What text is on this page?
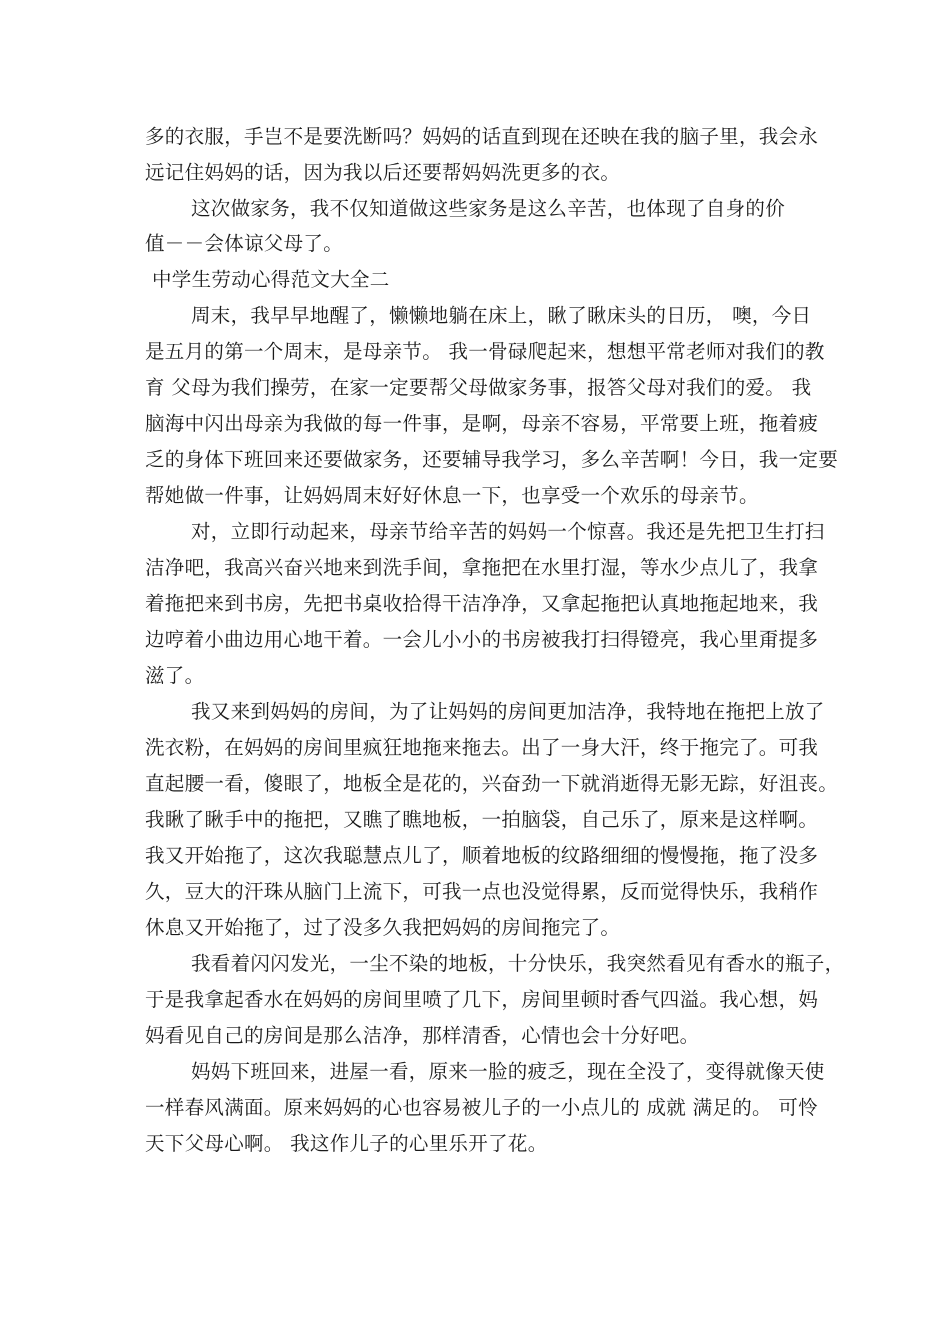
多的衣服，手岂不是要洗断吗？妈妈的话直到现在还映在我的脑子里，我会永
远记住妈妈的话，因为我以后还要帮妈妈洗更多的衣。
这次做家务，我不仅知道做这些家务是这么辛苦，也体现了自身的价
值－－会体谅父母了。
中学生劳动心得范文大全二
周末，我早早地醒了，懒懒地躺在床上，瞅了瞅床头的日历， 噢，今日
是五月的第一个周末，是母亲节。 我一骨碌爬起来，想想平常老师对我们的教
育 父母为我们操劳，在家一定要帮父母做家务事，报答父母对我们的爱。 我
脑海中闪出母亲为我做的每一件事，是啊，母亲不容易，平常要上班，拖着疲
乏的身体下班回来还要做家务，还要辅导我学习，多么辛苦啊！今日，我一定要
帮她做一件事，让妈妈周末好好休息一下，也享受一个欢乐的母亲节。
对，立即行动起来，母亲节给辛苦的妈妈一个惊喜。我还是先把卫生打扫
洁净吧，我高兴奋兴地来到洗手间，拿拖把在水里打湿，等水少点儿了，我拿
着拖把来到书房，先把书桌收拾得干洁净净，又拿起拖把认真地拖起地来，我
边哼着小曲边用心地干着。一会儿小小的书房被我打扫得镫亮，我心里甭提多
滋了。
我又来到妈妈的房间，为了让妈妈的房间更加洁净，我特地在拖把上放了
洗衣粉，在妈妈的房间里疯狂地拖来拖去。出了一身大汗，终于拖完了。可我
直起腰一看，傻眼了，地板全是花的，兴奋劲一下就消逝得无影无踪，好沮丧。
我瞅了瞅手中的拖把，又瞧了瞧地板，一拍脑袋，自己乐了，原来是这样啊。
我又开始拖了，这次我聪慧点儿了，顺着地板的纹路细细的慢慢拖，拖了没多
久，豆大的汗珠从脑门上流下，可我一点也没觉得累，反而觉得快乐，我稍作
休息又开始拖了，过了没多久我把妈妈的房间拖完了。
我看着闪闪发光，一尘不染的地板，十分快乐，我突然看见有香水的瓶子，
于是我拿起香水在妈妈的房间里喷了几下，房间里顿时香气四溢。我心想，妈
妈看见自己的房间是那么洁净，那样清香，心情也会十分好吧。
妈妈下班回来，进屋一看，原来一脸的疲乏，现在全没了，变得就像天使
一样春风满面。原来妈妈的心也容易被儿子的一小点儿的 成就 满足的。 可怜
天下父母心啊。 我这作儿子的心里乐开了花。
